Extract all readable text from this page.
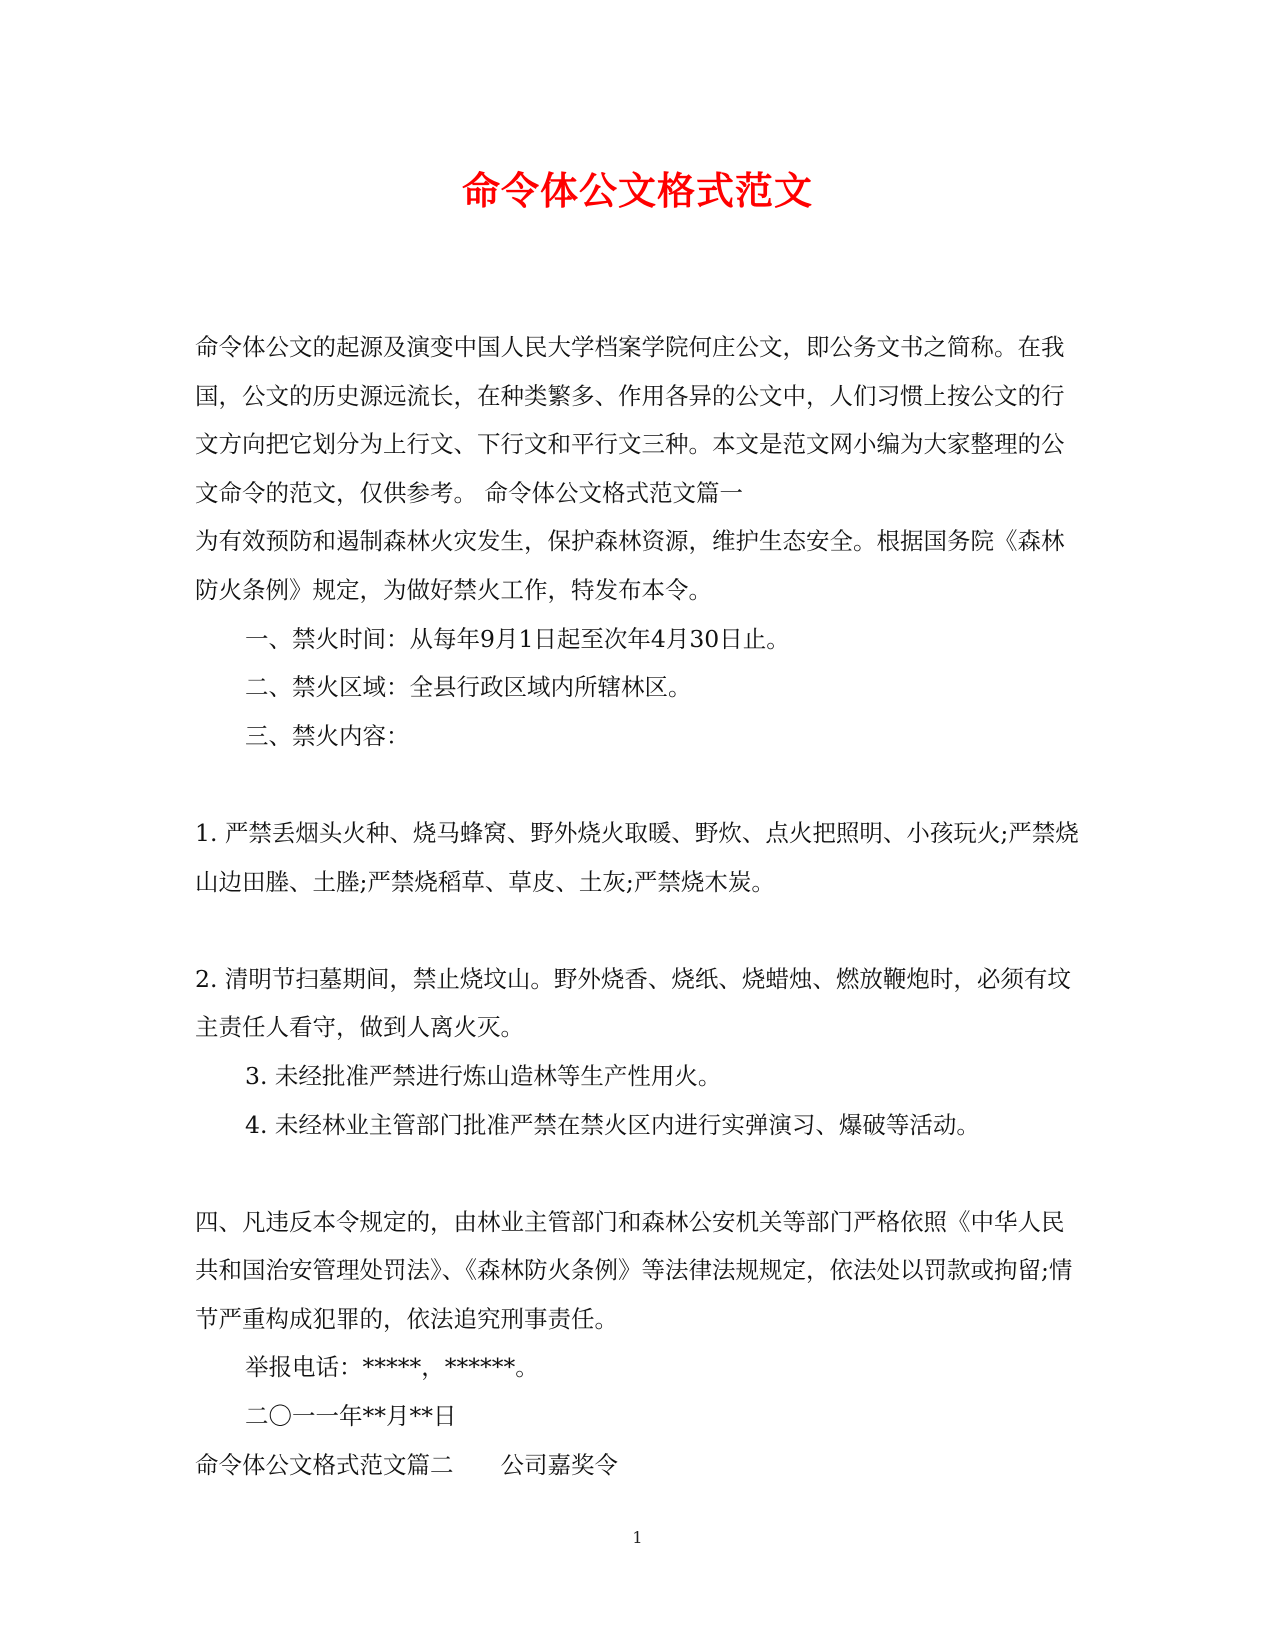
命令体公文格式范文

命令体公文的起源及演变中国人民大学档案学院何庄公文，即公务文书之简称。在我国，公文的历史源远流长，在种类繁多、作用各异的公文中，人们习惯上按公文的行文方向把它划分为上行文、下行文和平行文三种。本文是范文网小编为大家整理的公文命令的范文，仅供参考。 命令体公文格式范文篇一

为有效预防和遏制森林火灾发生，保护森林资源，维护生态安全。根据国务院《森林防火条例》规定，为做好禁火工作，特发布本令。

一、禁火时间：从每年9月1日起至次年4月30日止。

二、禁火区域：全县行政区域内所辖林区。

三、禁火内容：

1. 严禁丢烟头火种、烧马蜂窝、野外烧火取暖、野炊、点火把照明、小孩玩火;严禁烧山边田塍、土塍;严禁烧稻草、草皮、土灰;严禁烧木炭。

2. 清明节扫墓期间，禁止烧坟山。野外烧香、烧纸、烧蜡烛、燃放鞭炮时，必须有坟主责任人看守，做到人离火灭。

3. 未经批准严禁进行炼山造林等生产性用火。

4. 未经林业主管部门批准严禁在禁火区内进行实弹演习、爆破等活动。

四、凡违反本令规定的，由林业主管部门和森林公安机关等部门严格依照《中华人民共和国治安管理处罚法》、《森林防火条例》等法律法规规定，依法处以罚款或拘留;情节严重构成犯罪的，依法追究刑事责任。

举报电话：*****，******。

二〇一一年**月**日

命令体公文格式范文篇二　　公司嘉奖令

1
